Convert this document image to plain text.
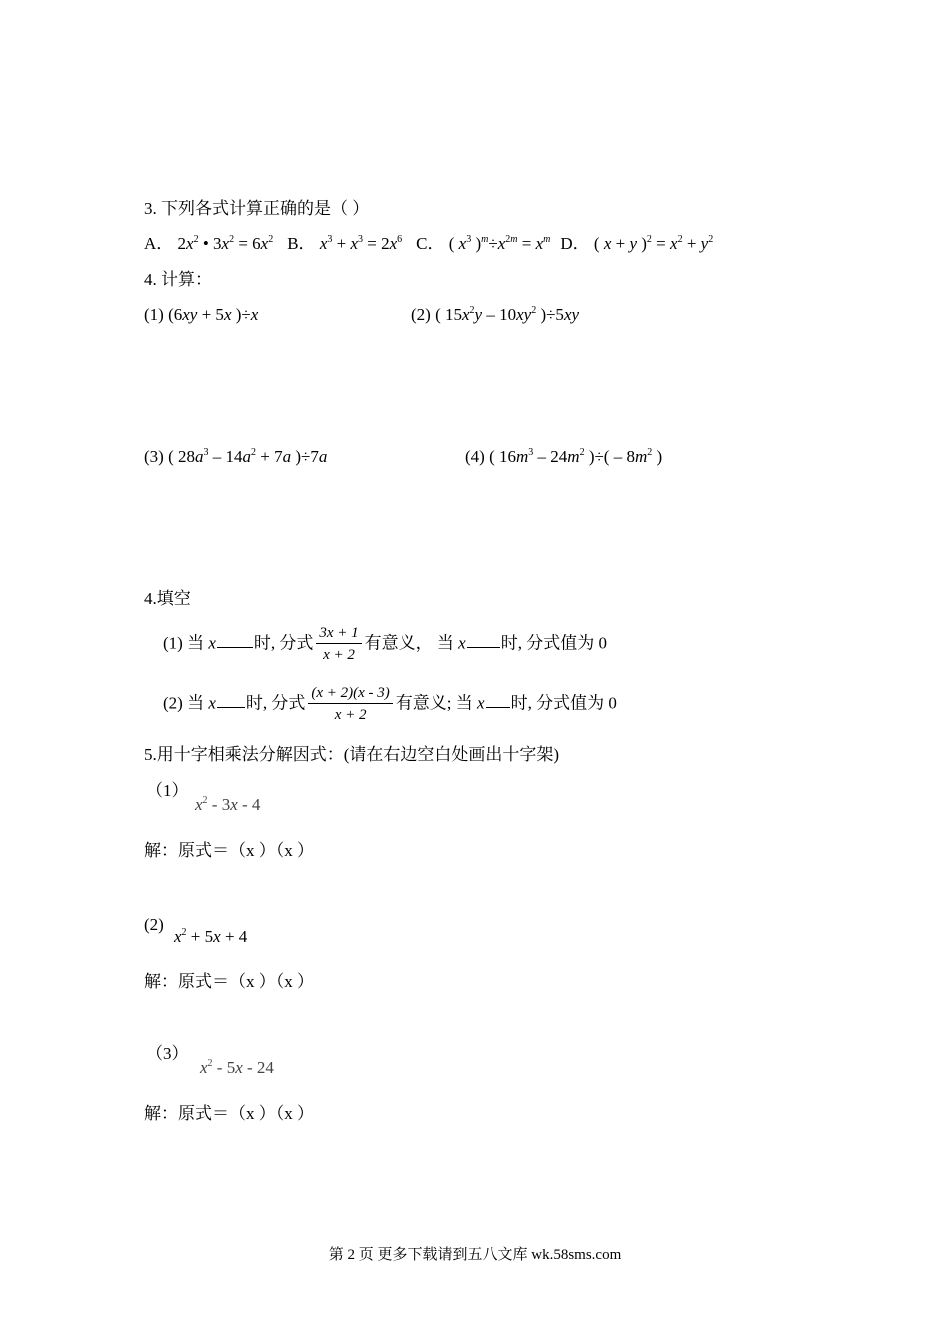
3. 下列各式计算正确的是（ ）
A． $2x^2$ • $3x^2 = 6x^2$ B． $x^3 + x^3 = 2x^6$ C． ( $x^3$ )$^m\div x^{2m} = x^m$ D． ( x + y )$^2 = x^2 + y^2$
4. 计算：
(1) (6xy + 5x )÷x	(2) ( $15x^2y - 10xy^2$ )÷5xy
(3) ( $28a^3 - 14a^2 + 7a$ )÷7a	(4) ( $16m^3 - 24m^2$ )÷( – $8m^2$ )
4.填空
(1) 当 x 时, 分式 $\frac{3x + 1}{x + 2}$ 有意义， 当 x 时, 分式值为 0
(2) 当 x 时, 分式 $\frac{(x + 2)(x - 3)}{x + 2}$ 有意义; 当 x 时, 分式值为 0
5.用十字相乘法分解因式：(请在右边空白处画出十字架)
（1）
$x^2 - 3x - 4$
解：原式＝（x ）（x ）
(2)
$x^2 + 5x + 4$
解：原式＝（x ）（x ）
（3）
$x^2 - 5x - 24$
解：原式＝（x ）（x ）
第 2 页 更多下载请到五八文库 wk.58sms.com
